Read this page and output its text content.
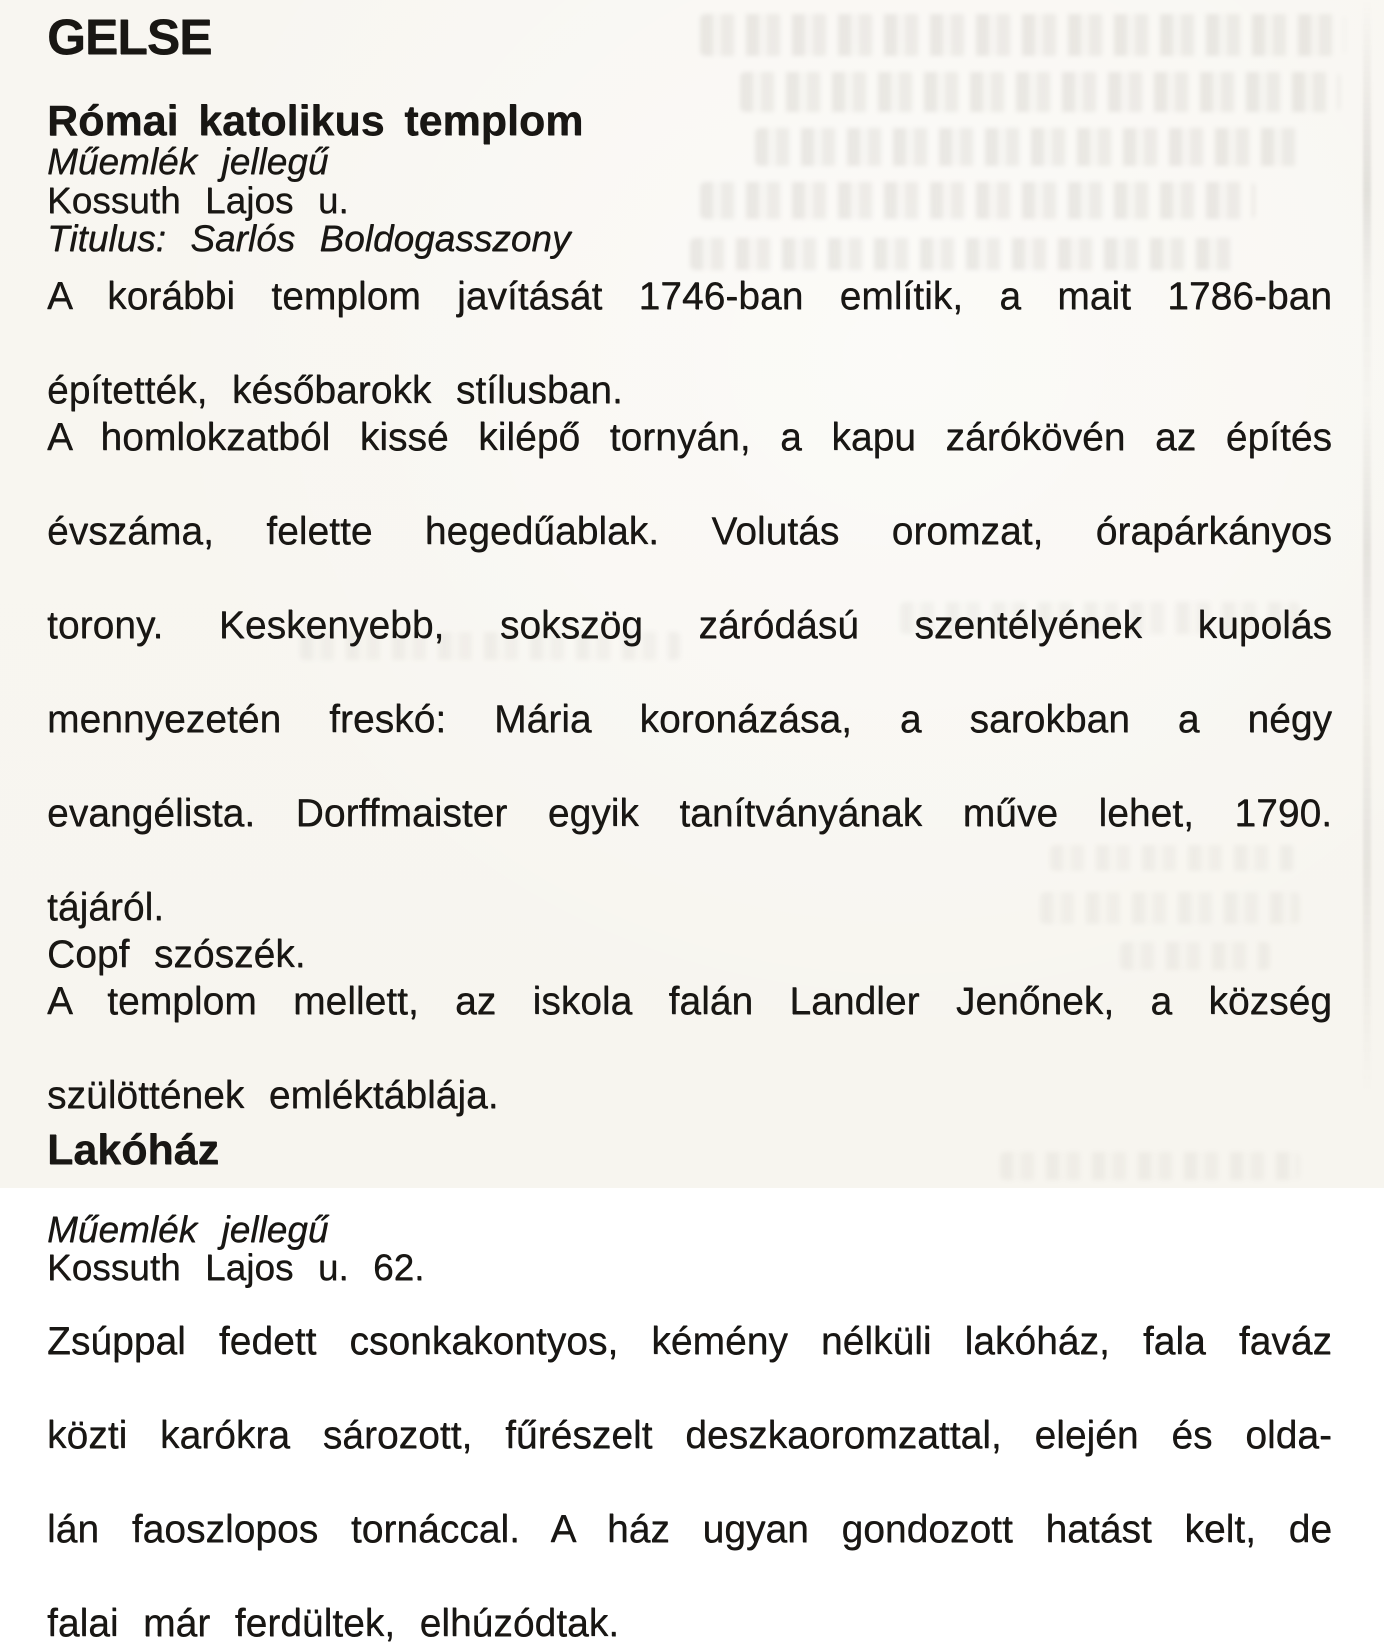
GELSE
Római katolikus templom
Műemlék jellegű
Kossuth Lajos u.
Titulus: Sarlós Boldogasszony
A korábbi templom javítását 1746-ban említik, a mait 1786-ban
építették, későbarokk stílusban.
A homlokzatból kissé kilépő tornyán, a kapu zárókövén az építés
évszáma, felette hegedűablak. Volutás oromzat, órapárkányos
torony. Keskenyebb, sokszög záródású szentélyének kupolás
mennyezetén freskó: Mária koronázása, a sarokban a négy
evangélista. Dorffmaister egyik tanítványának műve lehet, 1790.
tájáról.
Copf szószék.
A templom mellett, az iskola falán Landler Jenőnek, a község
szülöttének emléktáblája.
Lakóház
Műemlék jellegű
Kossuth Lajos u. 62.
Zsúppal fedett csonkakontyos, kémény nélküli lakóház, fala faváz
közti karókra sározott, fűrészelt deszkaoromzattal, elején és olda-
lán faoszlopos tornáccal. A ház ugyan gondozott hatást kelt, de
falai már ferdültek, elhúzódtak.
